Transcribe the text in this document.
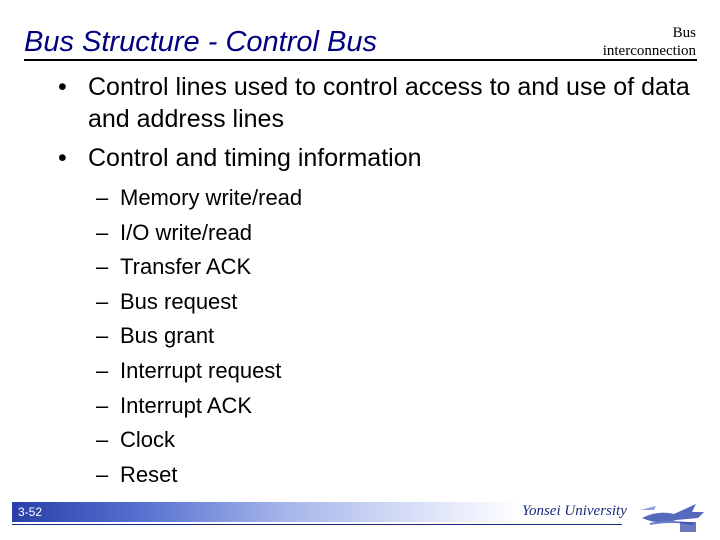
Bus Structure - Control Bus	Bus
interconnection
• Control lines used to control access to and use of data and address lines
• Control and timing information
– Memory write/read
– I/O write/read
– Transfer ACK
– Bus request
– Bus grant
– Interrupt request
– Interrupt ACK
– Clock
– Reset
3-52	Yonsei University
